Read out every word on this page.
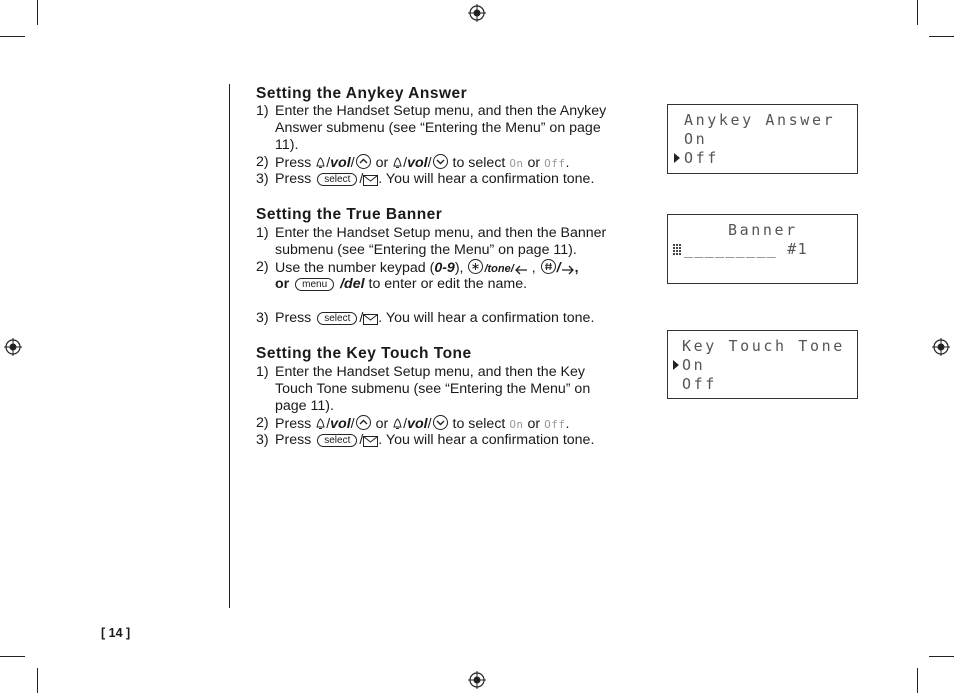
Setting the Anykey Answer
1) Enter the Handset Setup menu, and then the Anykey
Answer submenu (see “Entering the Menu” on page
11).
2) Press /vol/ or /vol/ to select On or Off.
3) Press select / . You will hear a confirmation tone.
Anykey Answer
On
Off
Setting the True Banner
1) Enter the Handset Setup menu, and then the Banner
submenu (see “Entering the Menu” on page 11).
2) Use the number keypad (0-9), /tone/ , / ,
or menu /del to enter or edit the name.
3) Press select / . You will hear a confirmation tone.
Banner
_________ #1
Setting the Key Touch Tone
1) Enter the Handset Setup menu, and then the Key
Touch Tone submenu (see “Entering the Menu” on
page 11).
2) Press /vol/ or /vol/ to select On or Off.
3) Press select / . You will hear a confirmation tone.
Key Touch Tone
On
Off
[ 14 ]
